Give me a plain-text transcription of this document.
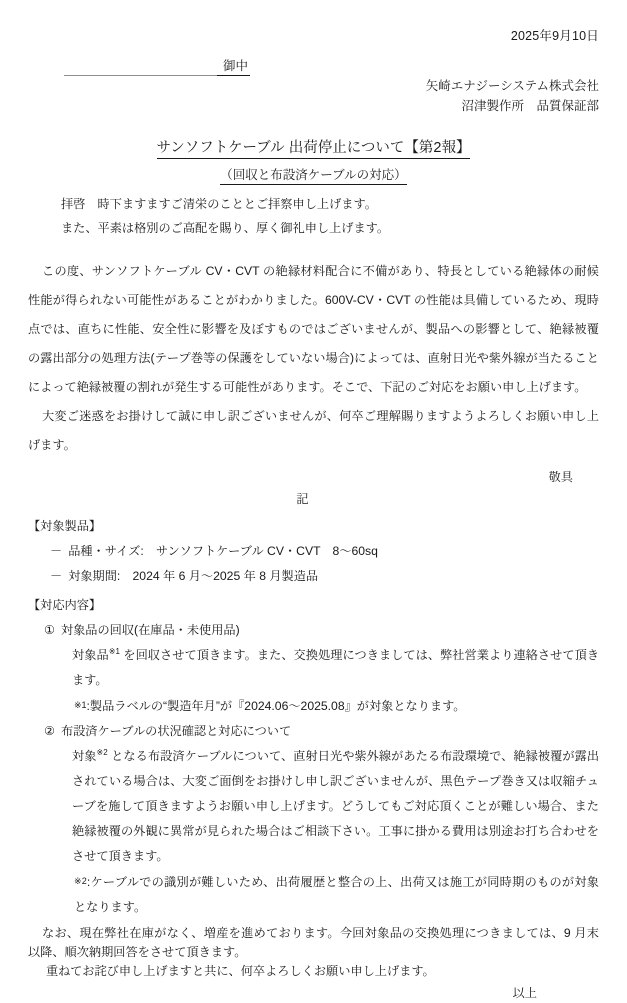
2025年9月10日
御中
矢崎エナジーシステム株式会社
沼津製作所　品質保証部
サンソフトケーブル 出荷停止について【第2報】

（回収と布設済ケーブルの対応）

拝啓　時下ますますご清栄のこととご拝察申し上げます。

また、平素は格別のご高配を賜り、厚く御礼申し上げます。

この度、サンソフトケーブル CV・CVT の絶縁材料配合に不備があり、特長としている絶縁体の耐候性能が得られない可能性があることがわかりました。600V-CV・CVT の性能は具備しているため、現時点では、直ちに性能、安全性に影響を及ぼすものではございませんが、製品への影響として、絶縁被覆の露出部分の処理方法(テープ巻等の保護をしていない場合)によっては、直射日光や紫外線が当たることによって絶縁被覆の割れが発生する可能性があります。そこで、下記のご対応をお願い申し上げます。

大変ご迷惑をお掛けして誠に申し訳ございませんが、何卒ご理解賜りますようよろしくお願い申し上げます。

敬具

記

【対象製品】

－ 品種・サイズ:　サンソフトケーブル CV・CVT　8～60sq

－ 対象期間:　2024 年 6 月～2025 年 8 月製造品

【対応内容】

① 対象品の回収(在庫品・未使用品)

対象品$^{※1}$ を回収させて頂きます。また、交換処理につきましては、弊社営業より連絡させて頂きます。

※1:製品ラベルの“製造年月”が『2024.06～2025.08』が対象となります。

② 布設済ケーブルの状況確認と対応について

対象$^{※2}$ となる布設済ケーブルについて、直射日光や紫外線があたる布設環境で、絶縁被覆が露出されている場合は、大変ご面倒をお掛けし申し訳ございませんが、黒色テープ巻き又は収縮チューブを施して頂きますようお願い申し上げます。どうしてもご対応頂くことが難しい場合、また絶縁被覆の外観に異常が見られた場合はご相談下さい。工事に掛かる費用は別途お打ち合わせをさせて頂きます。

※2:ケーブルでの識別が難しいため、出荷履歴と整合の上、出荷又は施工が同時期のものが対象となります。

なお、現在弊社在庫がなく、増産を進めております。今回対象品の交換処理につきましては、9 月末以降、順次納期回答をさせて頂きます。

重ねてお詫び申し上げますと共に、何卒よろしくお願い申し上げます。

以上
